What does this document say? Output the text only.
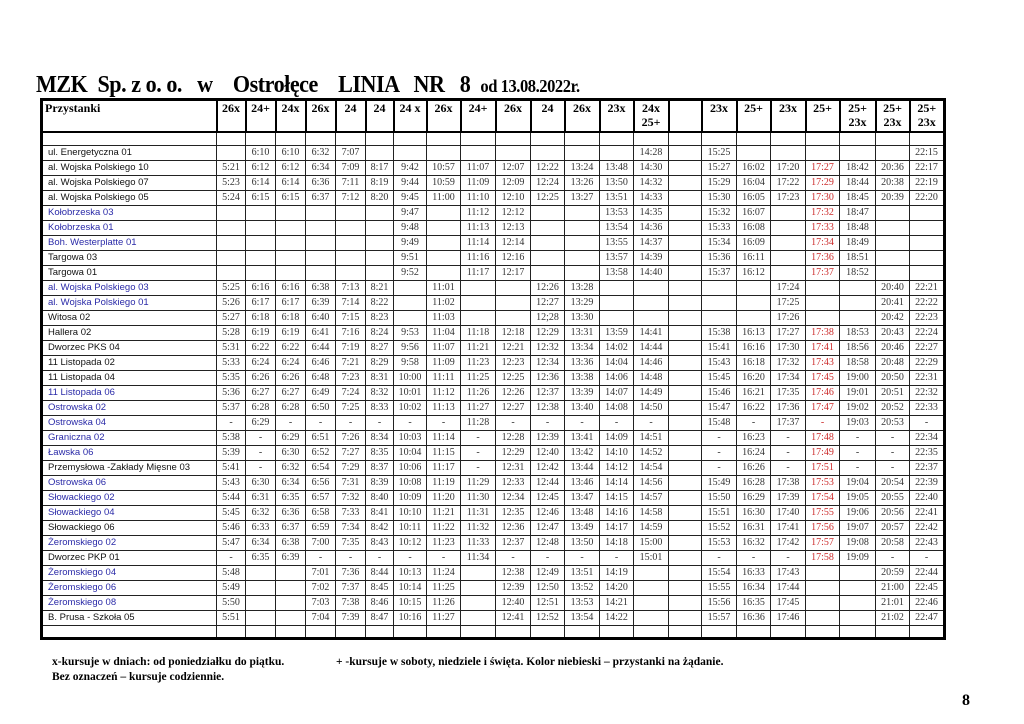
MZK  Sp. z o. o.   w    Ostrołęce    LINIA   NR   8 od 13.08.2022r.
Przystanki	26x	24+	24x	26x	24	24	24 x	26x	24+	26x	24	26x	23x	24x 25+		23x	25+	23x	25+	25+ 23x	25+ 23x	25+ 23x

ul. Energetyczna 01		6:10	6:10	6:32	7:07									14:28		15:25						22:15
al. Wojska Polskiego 10	5:21	6:12	6:12	6:34	7:09	8:17	9:42	10:57	11:07	12:07	12:22	13:24	13:48	14:30		15:27	16:02	17:20	17:27	18:42	20:36	22:17
al. Wojska Polskiego 07	5:23	6:14	6:14	6:36	7:11	8:19	9:44	10:59	11:09	12:09	12:24	13:26	13:50	14:32		15:29	16:04	17:22	17:29	18:44	20:38	22:19
al. Wojska Polskiego 05	5:24	6:15	6:15	6:37	7:12	8:20	9:45	11:00	11:10	12:10	12:25	13:27	13:51	14:33		15:30	16:05	17:23	17:30	18:45	20:39	22:20
Kołobrzeska 03							9:47		11:12	12:12			13:53	14:35		15:32	16:07		17:32	18:47		
Kołobrzeska 01							9:48		11:13	12:13			13:54	14:36		15:33	16:08		17:33	18:48		
Boh. Westerplatte 01							9:49		11:14	12:14			13:55	14:37		15:34	16:09		17:34	18:49		
Targowa 03							9:51		11:16	12:16			13:57	14:39		15:36	16:11		17:36	18:51		
Targowa 01							9:52		11:17	12:17			13:58	14:40		15:37	16:12		17:37	18:52		
al. Wojska Polskiego 03	5:25	6:16	6:16	6:38	7:13	8:21		11:01			12:26	13:28						17:24			20:40	22:21
al. Wojska Polskiego 01	5:26	6:17	6:17	6:39	7:14	8:22		11:02			12:27	13:29						17:25			20:41	22:22
Witosa 02	5:27	6:18	6:18	6:40	7:15	8:23		11:03			12;28	13:30						17:26			20:42	22:23
Hallera 02	5:28	6:19	6:19	6:41	7:16	8:24	9:53	11:04	11:18	12:18	12:29	13:31	13:59	14:41		15:38	16:13	17:27	17:38	18:53	20:43	22:24
Dworzec PKS 04	5:31	6:22	6:22	6:44	7:19	8:27	9:56	11:07	11:21	12:21	12:32	13:34	14:02	14:44		15:41	16:16	17:30	17:41	18:56	20:46	22:27
11 Listopada 02	5:33	6:24	6:24	6:46	7:21	8:29	9:58	11:09	11:23	12:23	12:34	13:36	14:04	14:46		15:43	16:18	17:32	17:43	18:58	20:48	22:29
11 Listopada 04	5:35	6:26	6:26	6:48	7:23	8:31	10:00	11:11	11:25	12:25	12:36	13:38	14:06	14:48		15:45	16:20	17:34	17:45	19:00	20:50	22:31
11 Listopada 06	5:36	6:27	6:27	6:49	7:24	8:32	10:01	11:12	11:26	12:26	12:37	13:39	14:07	14:49		15:46	16:21	17:35	17:46	19:01	20:51	22:32
Ostrowska 02	5:37	6:28	6:28	6:50	7:25	8:33	10:02	11:13	11:27	12:27	12:38	13:40	14:08	14:50		15:47	16:22	17:36	17:47	19:02	20:52	22:33
Ostrowska 04	-	6:29	-	-	-	-	-	-	11:28	-	-	-	-	-		15:48	-	17:37	-	19:03	20:53	-
Graniczna 02	5:38	-	6:29	6:51	7:26	8:34	10:03	11:14	-	12:28	12:39	13:41	14:09	14:51		-	16:23	-	17:48	-	-	22:34
Ławska 06	5:39	-	6:30	6:52	7:27	8:35	10:04	11:15	-	12:29	12:40	13:42	14:10	14:52		-	16:24	-	17:49	-	-	22:35
Przemysłowa -Zakłady Mięsne 03	5:41	-	6:32	6:54	7:29	8:37	10:06	11:17	-	12:31	12:42	13:44	14:12	14:54		-	16:26	-	17:51	-	-	22:37
Ostrowska 06	5:43	6:30	6:34	6:56	7:31	8:39	10:08	11:19	11:29	12:33	12:44	13:46	14:14	14:56		15:49	16:28	17:38	17:53	19:04	20:54	22:39
Słowackiego 02	5:44	6:31	6:35	6:57	7:32	8:40	10:09	11:20	11:30	12:34	12:45	13:47	14:15	14:57		15:50	16:29	17:39	17:54	19:05	20:55	22:40
Słowackiego 04	5:45	6:32	6:36	6:58	7:33	8:41	10:10	11:21	11:31	12:35	12:46	13:48	14:16	14:58		15:51	16:30	17:40	17:55	19:06	20:56	22:41
Słowackiego 06	5:46	6:33	6:37	6:59	7:34	8:42	10:11	11:22	11:32	12:36	12:47	13:49	14:17	14:59		15:52	16:31	17:41	17:56	19:07	20:57	22:42
Żeromskiego 02	5:47	6:34	6:38	7:00	7:35	8:43	10:12	11:23	11:33	12:37	12:48	13:50	14:18	15:00		15:53	16:32	17:42	17:57	19:08	20:58	22:43
Dworzec PKP 01	-	6:35	6:39	-	-	-	-	-	11:34	-	-	-	-	15:01		-	-	-	17:58	19:09	-	-
Żeromskiego 04	5:48			7:01	7:36	8:44	10:13	11:24		12:38	12:49	13:51	14:19			15:54	16:33	17:43			20:59	22:44
Żeromskiego 06	5:49			7:02	7:37	8:45	10:14	11:25		12:39	12:50	13:52	14:20			15:55	16:34	17:44			21:00	22:45
Żeromskiego 08	5:50			7:03	7:38	8:46	10:15	11:26		12:40	12:51	13:53	14:21			15:56	16:35	17:45			21:01	22:46
B. Prusa - Szkoła 05	5:51			7:04	7:39	8:47	10:16	11:27		12:41	12:52	13:54	14:22			15:57	16:36	17:46			21:02	22:47

x-kursuje w dniach: od poniedziałku do piątku.
Bez oznaczeń – kursuje codziennie.
+ -kursuje w soboty, niedziele i święta. Kolor niebieski – przystanki na żądanie.
8
